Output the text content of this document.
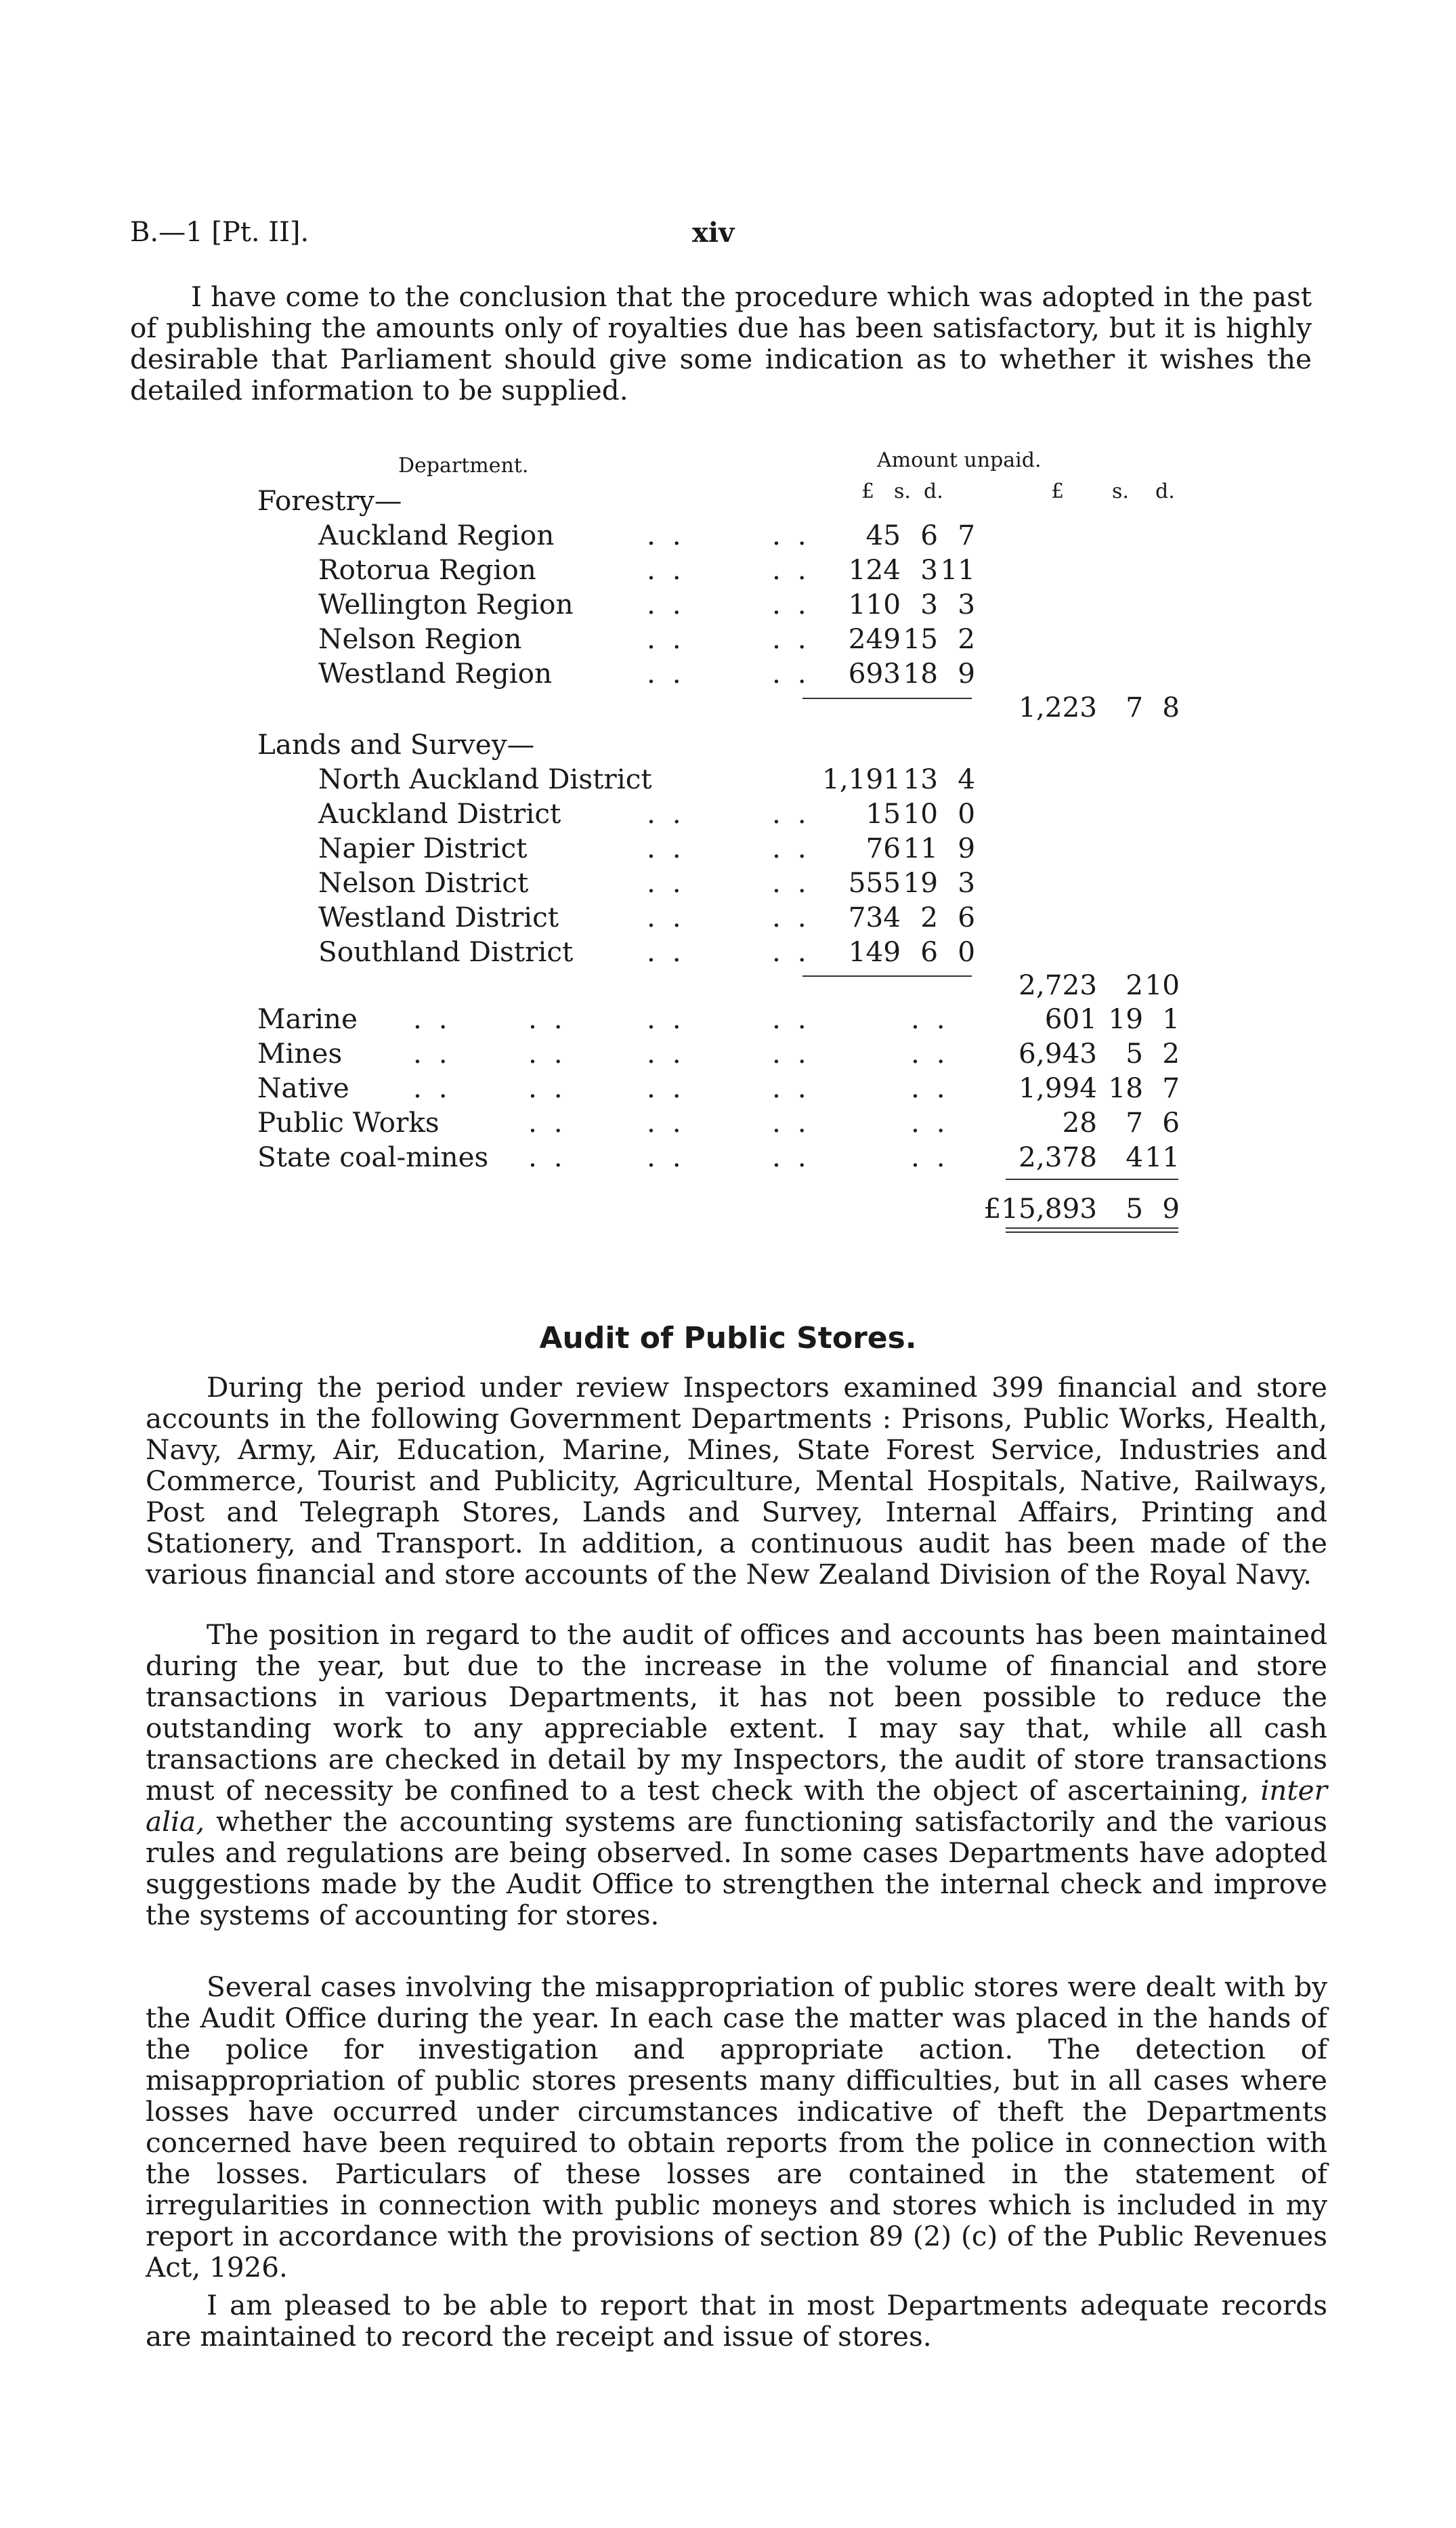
B.—1 [Pt. II].	xiv

I have come to the conclusion that the procedure which was adopted in the past of publishing the amounts only of royalties due has been satisfactory, but it is highly desirable that Parliament should give some indication as to whether it wishes the detailed information to be supplied.

Department.	Amount unpaid.
£ s. d.	£ s. d.
Forestry—
Auckland Region	. .	. . 45 6 7
Rotorua Region	. .	. . 124 3 11
Wellington Region	. .	. . 110 3 3
Nelson Region	. .	. . 249 15 2
Westland Region	. .	. . 693 18 9
1,223 7 8
Lands and Survey—
North Auckland District	1,191 13 4
Auckland District	. .	. . 15 10 0
Napier District	. .	. . 76 11 9
Nelson District	. .	. . 555 19 3
Westland District	. .	. . 734 2 6
Southland District	. .	. . 149 6 0
2,723 2 10
Marine . .	. .	. .	. .	. .	601 19 1
Mines	. .	. .	. .	. .	. .	6,943 5 2
Native . .	. .	. .	. .	. .	1,994 18 7
Public Works	. .	. .	. .	. .	28 7 6
State coal-mines . .	. .	. .	. .	2,378 4 11
£15,893 5 9
Audit of Public Stores.

During the period under review Inspectors examined 399 financial and store accounts in the following Government Departments : Prisons, Public Works, Health, Navy, Army, Air, Education, Marine, Mines, State Forest Service, Industries and Commerce, Tourist and Publicity, Agriculture, Mental Hospitals, Native, Railways, Post and Telegraph Stores, Lands and Survey, Internal Affairs, Printing and Stationery, and Transport. In addition, a continuous audit has been made of the various financial and store accounts of the New Zealand Division of the Royal Navy.

The position in regard to the audit of offices and accounts has been maintained during the year, but due to the increase in the volume of financial and store transactions in various Departments, it has not been possible to reduce the outstanding work to any appreciable extent. I may say that, while all cash transactions are checked in detail by my Inspectors, the audit of store transactions must of necessity be confined to a test check with the object of ascertaining, inter alia, whether the accounting systems are functioning satisfactorily and the various rules and regulations are being observed. In some cases Departments have adopted suggestions made by the Audit Office to strengthen the internal check and improve the systems of accounting for stores.

Several cases involving the misappropriation of public stores were dealt with by the Audit Office during the year. In each case the matter was placed in the hands of the police for investigation and appropriate action. The detection of misappropriation of public stores presents many difficulties, but in all cases where losses have occurred under circumstances indicative of theft the Departments concerned have been required to obtain reports from the police in connection with the losses. Particulars of these losses are contained in the statement of irregularities in connection with public moneys and stores which is included in my report in accordance with the provisions of section 89 (2) (c) of the Public Revenues Act, 1926.

I am pleased to be able to report that in most Departments adequate records are maintained to record the receipt and issue of stores.
